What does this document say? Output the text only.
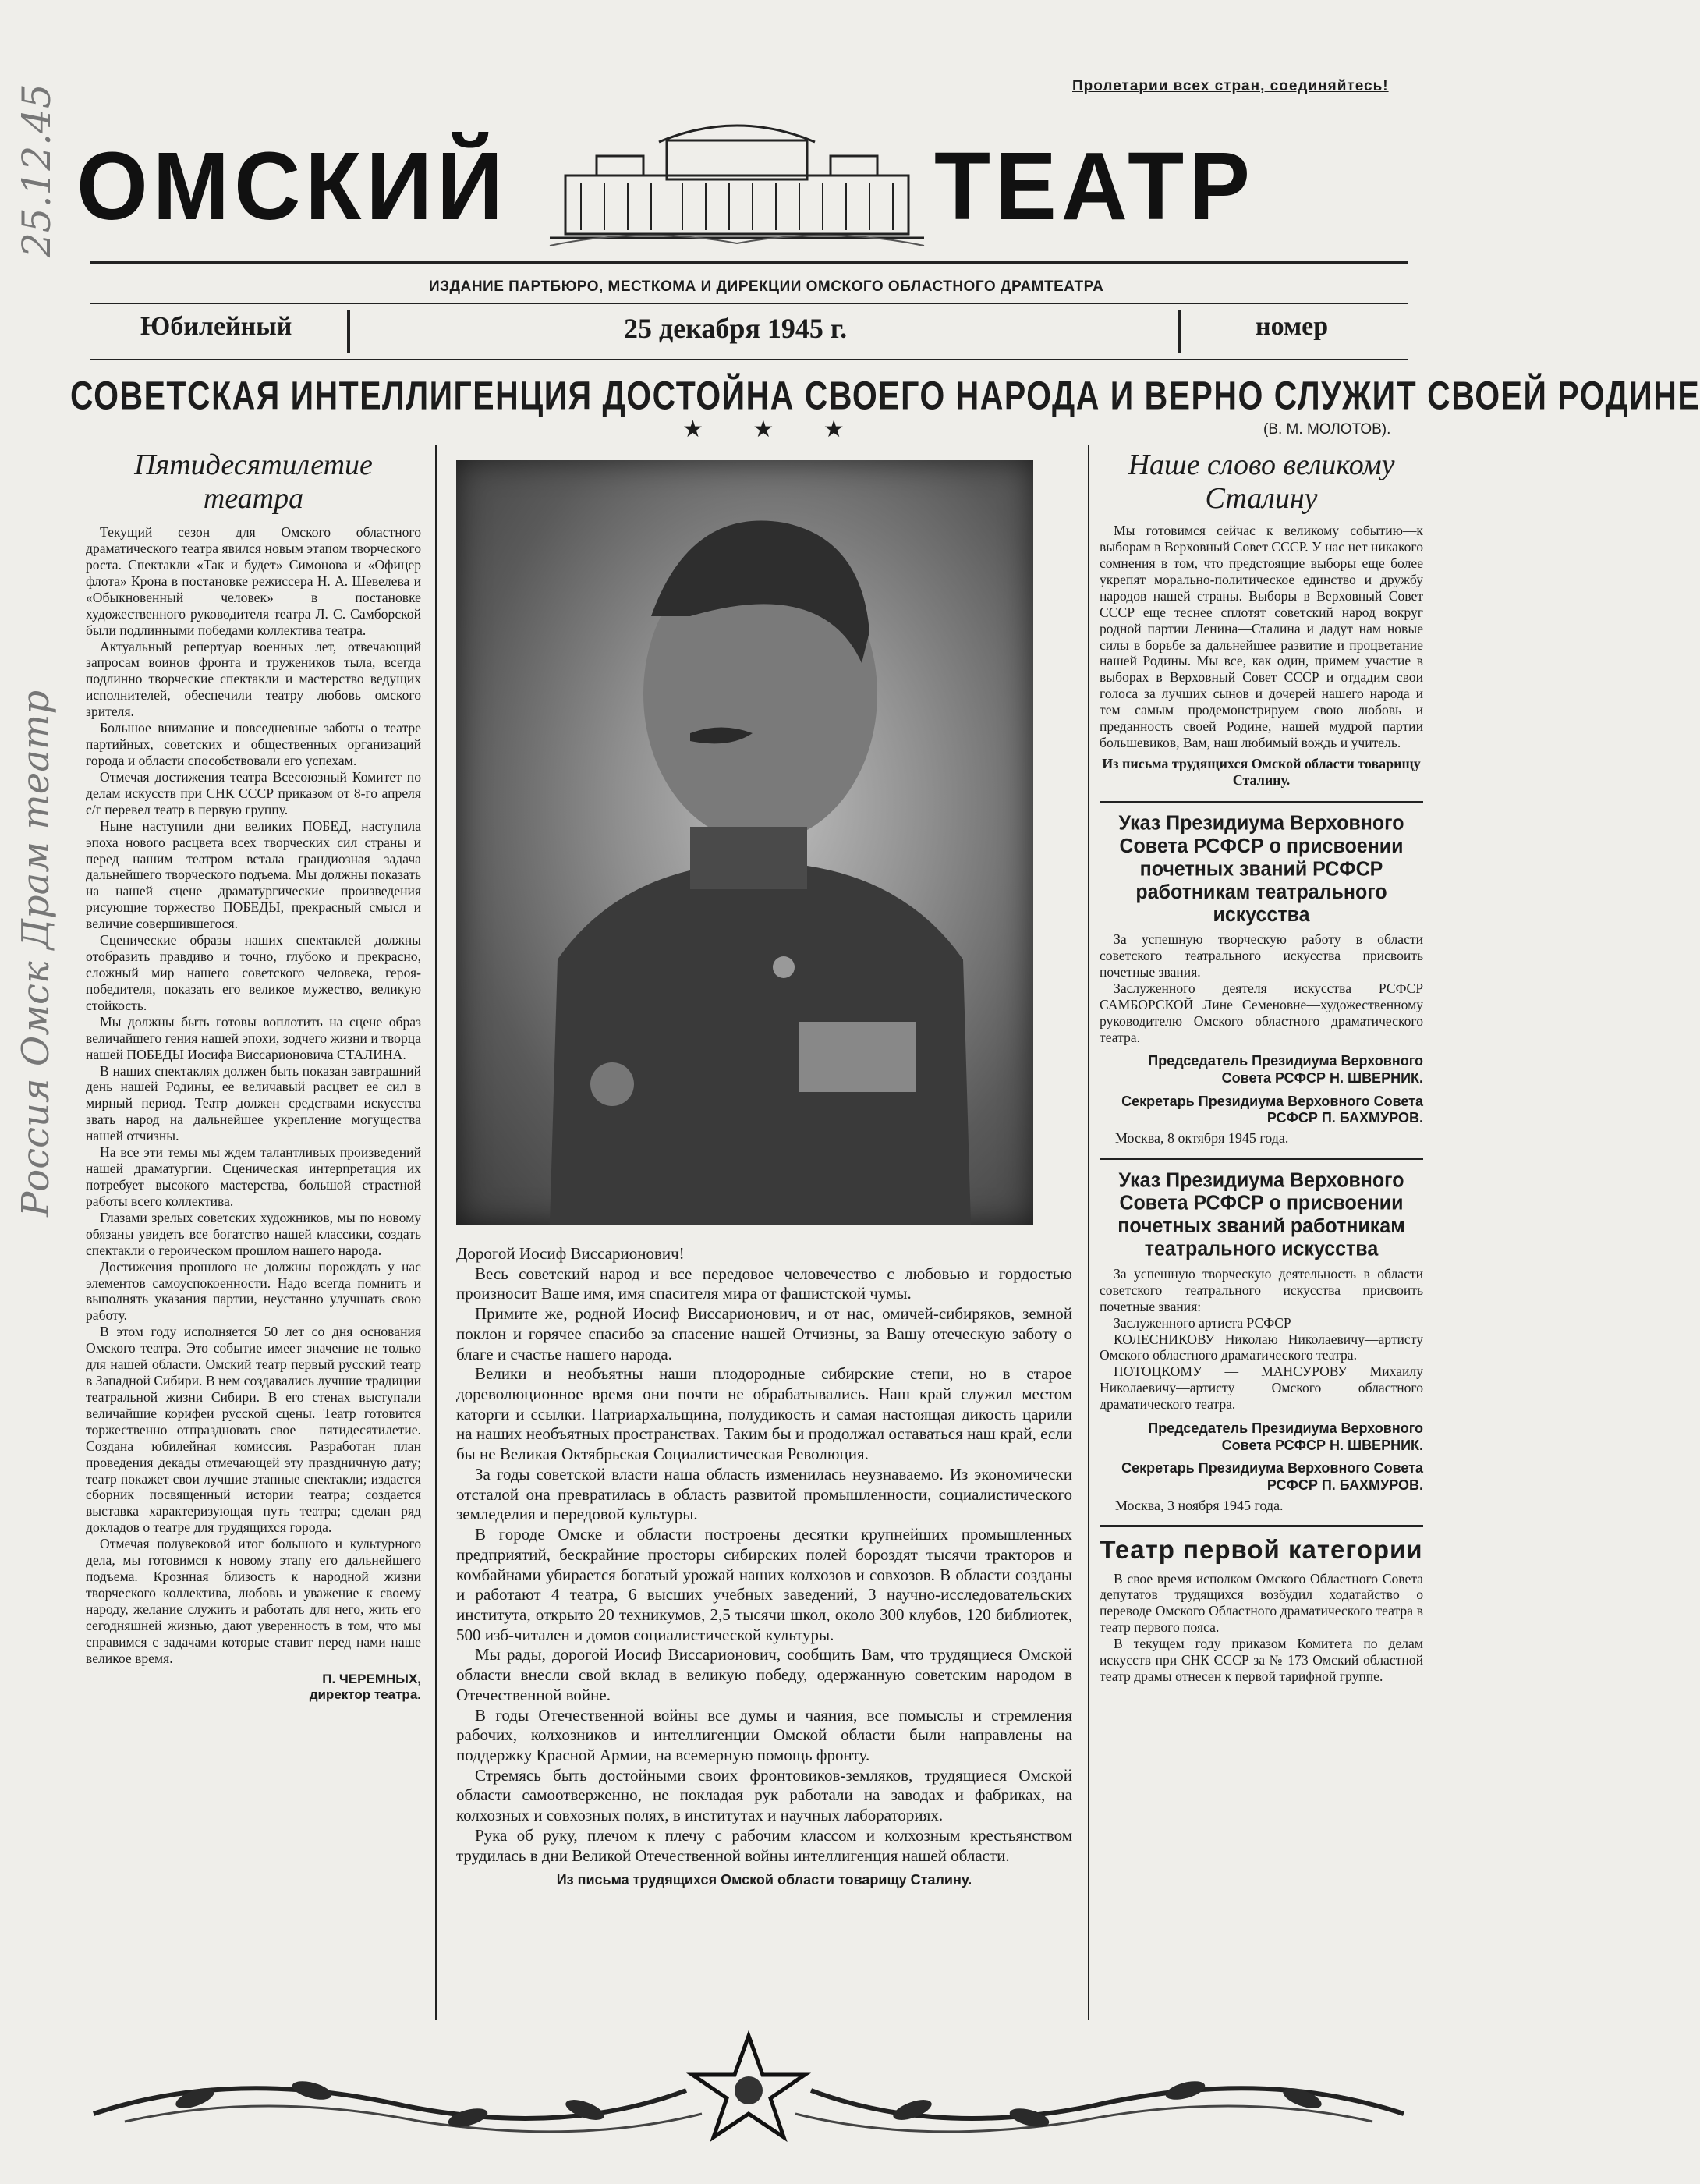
25.12.45
Россия Омск Драм театр
Пролетарии всех стран, соединяйтесь!
ОМСКИЙ	ТЕАТР
ИЗДАНИЕ ПАРТБЮРО, МЕСТКОМА И ДИРЕКЦИИ ОМСКОГО ОБЛАСТНОГО ДРАМТЕАТРА
Юбилейный	25 декабря 1945 г.	номер
СОВЕТСКАЯ ИНТЕЛЛИГЕНЦИЯ ДОСТОЙНА СВОЕГО НАРОДА И ВЕРНО СЛУЖИТ СВОЕЙ РОДИНЕ
(В. М. МОЛОТОВ).
★ ★ ★
Пятидесятилетие театра

Текущий сезон для Омского областного драматического театра явился новым этапом творческого роста. Спектакли «Так и будет» Симонова и «Офицер флота» Крона в постановке режиссера Н. А. Шевелева и «Обыкновенный человек» в постановке художественного руководителя театра Л. С. Самборской были подлинными победами коллектива театра.

Актуальный репертуар военных лет, отвечающий запросам воинов фронта и тружеников тыла, всегда подлинно творческие спектакли и мастерство ведущих исполнителей, обеспечили театру любовь омского зрителя.

Большое внимание и повседневные заботы о театре партийных, советских и общественных организаций города и области способствовали его успехам.

Отмечая достижения театра Всесоюзный Комитет по делам искусств при СНК СССР приказом от 8-го апреля с/г перевел театр в первую группу.

Ныне наступили дни великих ПОБЕД, наступила эпоха нового расцвета всех творческих сил страны и перед нашим театром встала грандиозная задача дальнейшего творческого подъема. Мы должны показать на нашей сцене драматургические произведения рисующие торжество ПОБЕДЫ, прекрасный смысл и величие совершившегося.

Сценические образы наших спектаклей должны отобразить правдиво и точно, глубоко и прекрасно, сложный мир нашего советского человека, героя-победителя, показать его великое мужество, великую стойкость.

Мы должны быть готовы воплотить на сцене образ величайшего гения нашей эпохи, зодчего жизни и творца нашей ПОБЕДЫ Иосифа Виссарионовича СТАЛИНА.

В наших спектаклях должен быть показан завтрашний день нашей Родины, ее величавый расцвет ее сил в мирный период. Театр должен средствами искусства звать народ на дальнейшее укрепление могущества нашей отчизны.

На все эти темы мы ждем талантливых произведений нашей драматургии. Сценическая интерпретация их потребует высокого мастерства, большой страстной работы всего коллектива.

Глазами зрелых советских художников, мы по новому обязаны увидеть все богатство нашей классики, создать спектакли о героическом прошлом нашего народа.

Достижения прошлого не должны порождать у нас элементов самоуспокоенности. Надо всегда помнить и выполнять указания партии, неустанно улучшать свою работу.

В этом году исполняется 50 лет со дня основания Омского театра. Это событие имеет значение не только для нашей области. Омский театр первый русский театр в Западной Сибири. В нем создавались лучшие традиции театральной жизни Сибири. В его стенах выступали величайшие корифеи русской сцены. Театр готовится торжественно отпраздновать свое —пятидесятилетие. Создана юбилейная комиссия. Разработан план проведения декады отмечающей эту праздничную дату; театр покажет свои лучшие этапные спектакли; издается сборник посвященный истории театра; создается выставка характеризующая путь театра; сделан ряд докладов о театре для трудящихся города.

Отмечая полувековой итог большого и культурного дела, мы готовимся к новому этапу его дальнейшего подъема. Крознная близость к народной жизни творческого коллектива, любовь и уважение к своему народу, желание служить и работать для него, жить его сегодняшней жизнью, дают уверенность в том, что мы справимся с задачами которые ставит перед нами наше великое время.

П. ЧЕРЕМНЫХ,
директор театра.

Дорогой Иосиф Виссарионович!

Весь советский народ и все передовое человечество с любовью и гордостью произносит Ваше имя, имя спасителя мира от фашистской чумы.

Примите же, родной Иосиф Виссарионович, и от нас, омичей-сибиряков, земной поклон и горячее спасибо за спасение нашей Отчизны, за Вашу отеческую заботу о благе и счастье нашего народа.

Велики и необъятны наши плодородные сибирские степи, но в старое дореволюционное время они почти не обрабатывались. Наш край служил местом каторги и ссылки. Патриархальщина, полудикость и самая настоящая дикость царили на наших необъятных пространствах. Таким бы и продолжал оставаться наш край, если бы не Великая Октябрьская Социалистическая Революция.

За годы советской власти наша область изменилась неузнаваемо. Из экономически отсталой она превратилась в область развитой промышленности, социалистического земледелия и передовой культуры.

В городе Омске и области построены десятки крупнейших промышленных предприятий, бескрайние просторы сибирских полей бороздят тысячи тракторов и комбайнами убирается богатый урожай наших колхозов и совхозов. В области созданы и работают 4 театра, 6 высших учебных заведений, 3 научно-исследовательских института, открыто 20 техникумов, 2,5 тысячи школ, около 300 клубов, 120 библиотек, 500 изб-читален и домов социалистической культуры.

Мы рады, дорогой Иосиф Виссарионович, сообщить Вам, что трудящиеся Омской области внесли свой вклад в великую победу, одержанную советским народом в Отечественной войне.

В годы Отечественной войны все думы и чаяния, все помыслы и стремления рабочих, колхозников и интеллигенции Омской области были направлены на поддержку Красной Армии, на всемерную помощь фронту.

Стремясь быть достойными своих фронтовиков-земляков, трудящиеся Омской области самоотверженно, не покладая рук работали на заводах и фабриках, на колхозных и совхозных полях, в институтах и научных лабораториях.

Рука об руку, плечом к плечу с рабочим классом и колхозным крестьянством трудилась в дни Великой Отечественной войны интеллигенция нашей области.

Из письма трудящихся Омской области товарищу Сталину.
Наше слово великому Сталину

Мы готовимся сейчас к великому событию—к выборам в Верховный Совет СССР. У нас нет никакого сомнения в том, что предстоящие выборы еще более укрепят морально-политическое единство и дружбу народов нашей страны. Выборы в Верховный Совет СССР еще теснее сплотят советский народ вокруг родной партии Ленина—Сталина и дадут нам новые силы в борьбе за дальнейшее развитие и процветание нашей Родины. Мы все, как один, примем участие в выборах в Верховный Совет СССР и отдадим свои голоса за лучших сынов и дочерей нашего народа и тем самым продемонстрируем свою любовь и преданность своей Родине, нашей мудрой партии большевиков, Вам, наш любимый вождь и учитель.

Из письма трудящихся Омской области товарищу Сталину.
Указ Президиума Верховного Совета РСФСР о присвоении почетных званий РСФСР работникам театрального искусства

За успешную творческую работу в области советского театрального искусства присвоить почетные звания.

Заслуженного деятеля искусства РСФСР САМБОРСКОЙ Лине Семеновне—художественному руководителю Омского областного драматического театра.

Председатель Президиума Верховного Совета РСФСР Н. ШВЕРНИК.
Секретарь Президиума Верховного Совета РСФСР П. БАХМУРОВ.
Москва, 8 октября 1945 года.
Указ Президиума Верховного Совета РСФСР о присвоении почетных званий работникам театрального искусства

За успешную творческую деятельность в области советского театрального искусства присвоить почетные звания:

Заслуженного артиста РСФСР

КОЛЕСНИКОВУ Николаю Николаевичу—артисту Омского областного драматического театра.

ПОТОЦКОМУ — МАНСУРОВУ Михаилу Николаевичу—артисту Омского областного драматического театра.

Председатель Президиума Верховного Совета РСФСР Н. ШВЕРНИК.
Секретарь Президиума Верховного Совета РСФСР П. БАХМУРОВ.
Москва, 3 ноября 1945 года.
Театр первой категории

В свое время исполком Омского Областного Совета депутатов трудящихся возбудил ходатайство о переводе Омского Областного драматического театра в театр первого пояса.

В текущем году приказом Комитета по делам искусств при СНК СССР за № 173 Омский областной театр драмы отнесен к первой тарифной группе.
